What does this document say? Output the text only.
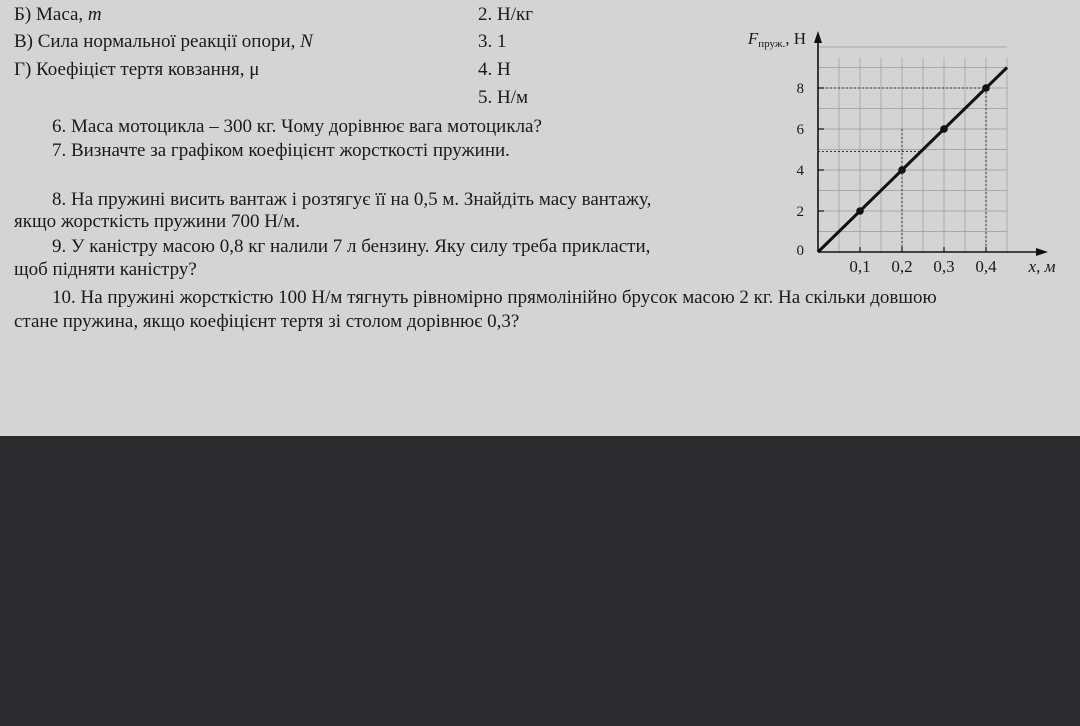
Б) Маса, m
В) Сила нормальної реакції опори, N
Г) Коефіцієт тертя ковзання, μ
2. Н/кг
3. 1
4. Н
5. Н/м
6. Маса мотоцикла – 300 кг. Чому дорівнює вага мотоцикла?
7. Визначте за графіком коефіцієнт жорсткості пружини.
8. На пружині висить вантаж і розтягує її на 0,5 м. Знайдіть масу вантажу,
якщо жорсткість пружини 700 Н/м.
9. У каністру масою 0,8 кг налили 7 л бензину. Яку силу треба прикласти,
щоб підняти каністру?
10. На пружині жорсткістю 100 Н/м тягнуть рівномірно прямолінійно брусок масою 2 кг. На скільки довшою
стане пружина, якщо коефіцієнт тертя зі столом дорівнює 0,3?
0,1 0,2 0,3 0,4
2
4
6
8
0
x, м
Fпруж., Н
